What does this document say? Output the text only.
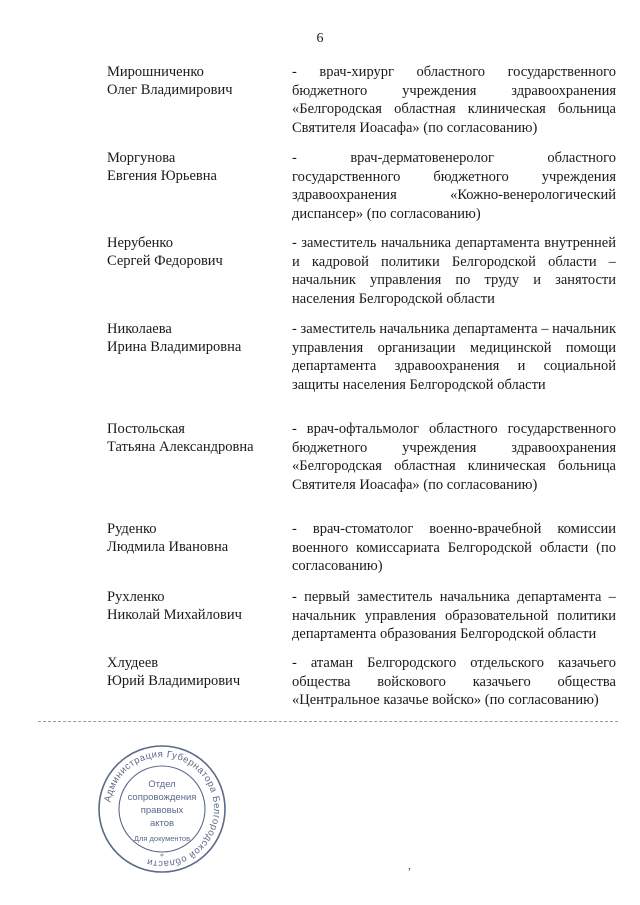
6
Мирошниченко
Олег Владимирович
- врач-хирург областного государственного бюджетного учреждения здравоохранения «Белгородская областная клиническая больница Святителя Иоасафа» (по согласованию)
Моргунова
Евгения Юрьевна
- врач-дерматовенеролог областного государственного бюджетного учреждения здравоохранения «Кожно-венерологический диспансер» (по согласованию)
Нерубенко
Сергей Федорович
- заместитель начальника департамента внутренней и кадровой политики Белгородской области – начальник управления по труду и занятости населения Белгородской области
Николаева
Ирина Владимировна
- заместитель начальника департамента – начальник управления организации медицинской помощи департамента здравоохранения и социальной защиты населения Белгородской области
Постольская
Татьяна Александровна
- врач-офтальмолог областного государственного бюджетного учреждения здравоохранения «Белгородская областная клиническая больница Святителя Иоасафа» (по согласованию)
Руденко
Людмила Ивановна
- врач-стоматолог военно-врачебной комиссии военного комиссариата Белгородской области (по согласованию)
Рухленко
Николай Михайлович
- первый заместитель начальника департамента – начальник управления образовательной политики департамента образования Белгородской области
Хлудеев
Юрий Владимирович
- атаман Белгородского отдельского казачьего общества войскового казачьего общества «Центральное казачье войско» (по согласованию)
Администрация Губернатора Белгородской области
Отдел
сопровождения
правовых
актов
Для документов
*
,
